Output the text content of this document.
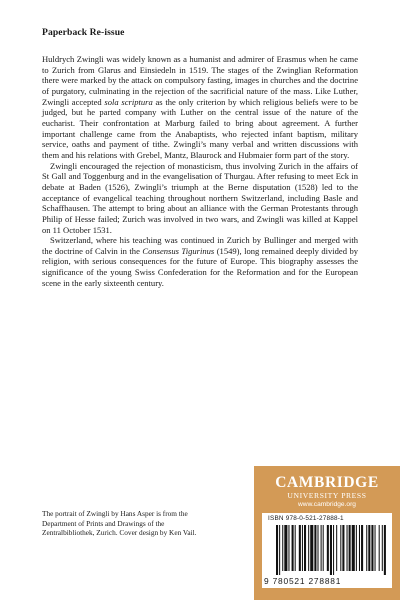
Paperback Re-issue

Huldrych Zwingli was widely known as a humanist and admirer of Erasmus when he came to Zurich from Glarus and Einsiedeln in 1519. The stages of the Zwinglian Reformation there were marked by the attack on compulsory fasting, images in churches and the doctrine of purgatory, culminating in the rejection of the sacrificial nature of the mass. Like Luther, Zwingli accepted sola scriptura as the only criterion by which religious beliefs were to be judged, but he parted company with Luther on the central issue of the nature of the eucharist. Their confrontation at Marburg failed to bring about agreement. A further important challenge came from the Anabaptists, who rejected infant baptism, military service, oaths and payment of tithe. Zwingli’s many verbal and written discussions with them and his relations with Grebel, Mantz, Blaurock and Hubmaier form part of the story.

Zwingli encouraged the rejection of monasticism, thus involving Zurich in the affairs of St Gall and Toggenburg and in the evangelisation of Thurgau. After refusing to meet Eck in debate at Baden (1526), Zwingli’s triumph at the Berne disputation (1528) led to the acceptance of evangelical teaching throughout northern Switzerland, including Basle and Schaffhausen. The attempt to bring about an alliance with the German Protestants through Philip of Hesse failed; Zurich was involved in two wars, and Zwingli was killed at Kappel on 11 October 1531.

Switzerland, where his teaching was continued in Zurich by Bullinger and merged with the doctrine of Calvin in the Consensus Tigurinus (1549), long remained deeply divided by religion, with serious consequences for the future of Europe. This biography assesses the significance of the young Swiss Confederation for the Reformation and for the European scene in the early sixteenth century.

The portrait of Zwingli by Hans Asper is from the Department of Prints and Drawings of the Zentralbibliothek, Zurich. Cover design by Ken Vail.
CAMBRIDGE
UNIVERSITY PRESS
www.cambridge.org
ISBN 978-0-521-27888-1
9 780521 278881
